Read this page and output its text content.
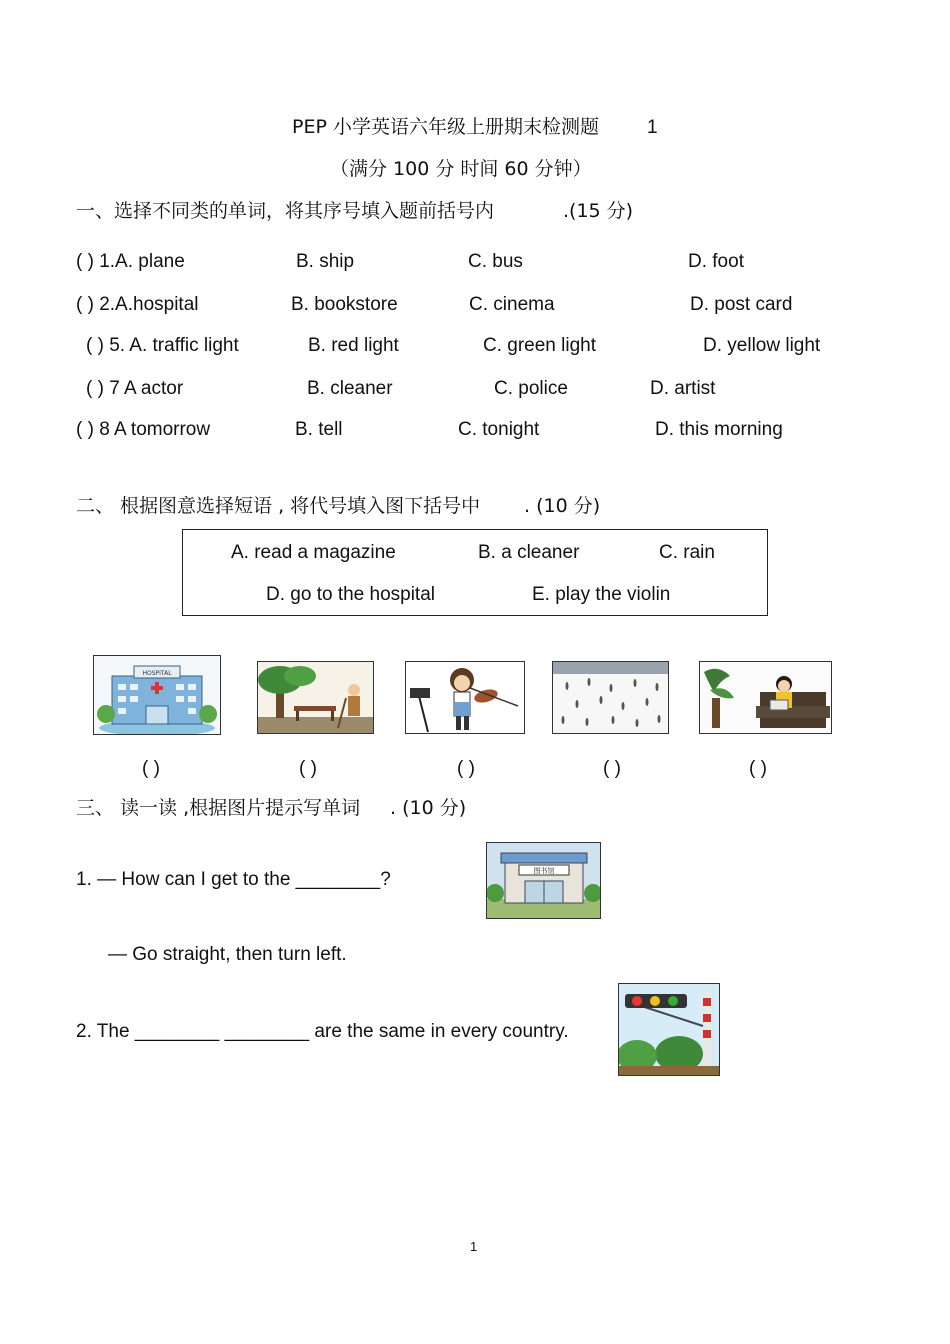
PEP 小学英语六年级上册期末检测题	1
（满分 100 分 时间 60 分钟）
一、选择不同类的单词，将其序号填入题前括号内	.(15 分)
( ) 1.A. plane	B. ship	C. bus	D. foot
( ) 2.A.hospital	B. bookstore	C. cinema	D. post card
( ) 5. A. traffic light	B. red light	C. green light	D. yellow light
( ) 7 A actor	B. cleaner	C. police	D. artist
( ) 8 A tomorrow	B. tell	C. tonight	D. this morning
二、 根据图意选择短语 , 将代号填入图下括号中 . (10 分)
A. read a magazine	B. a cleaner	C. rain
D. go to the hospital	E. play the violin
HOSPITAL
( )	( )	( )	( )	( )
三、 读一读 ,根据图片提示写单词 . (10 分)
1. — How can I get to the ________?	图书馆
— Go straight, then turn left.
2. The ________ ________ are the same in every country.
1
